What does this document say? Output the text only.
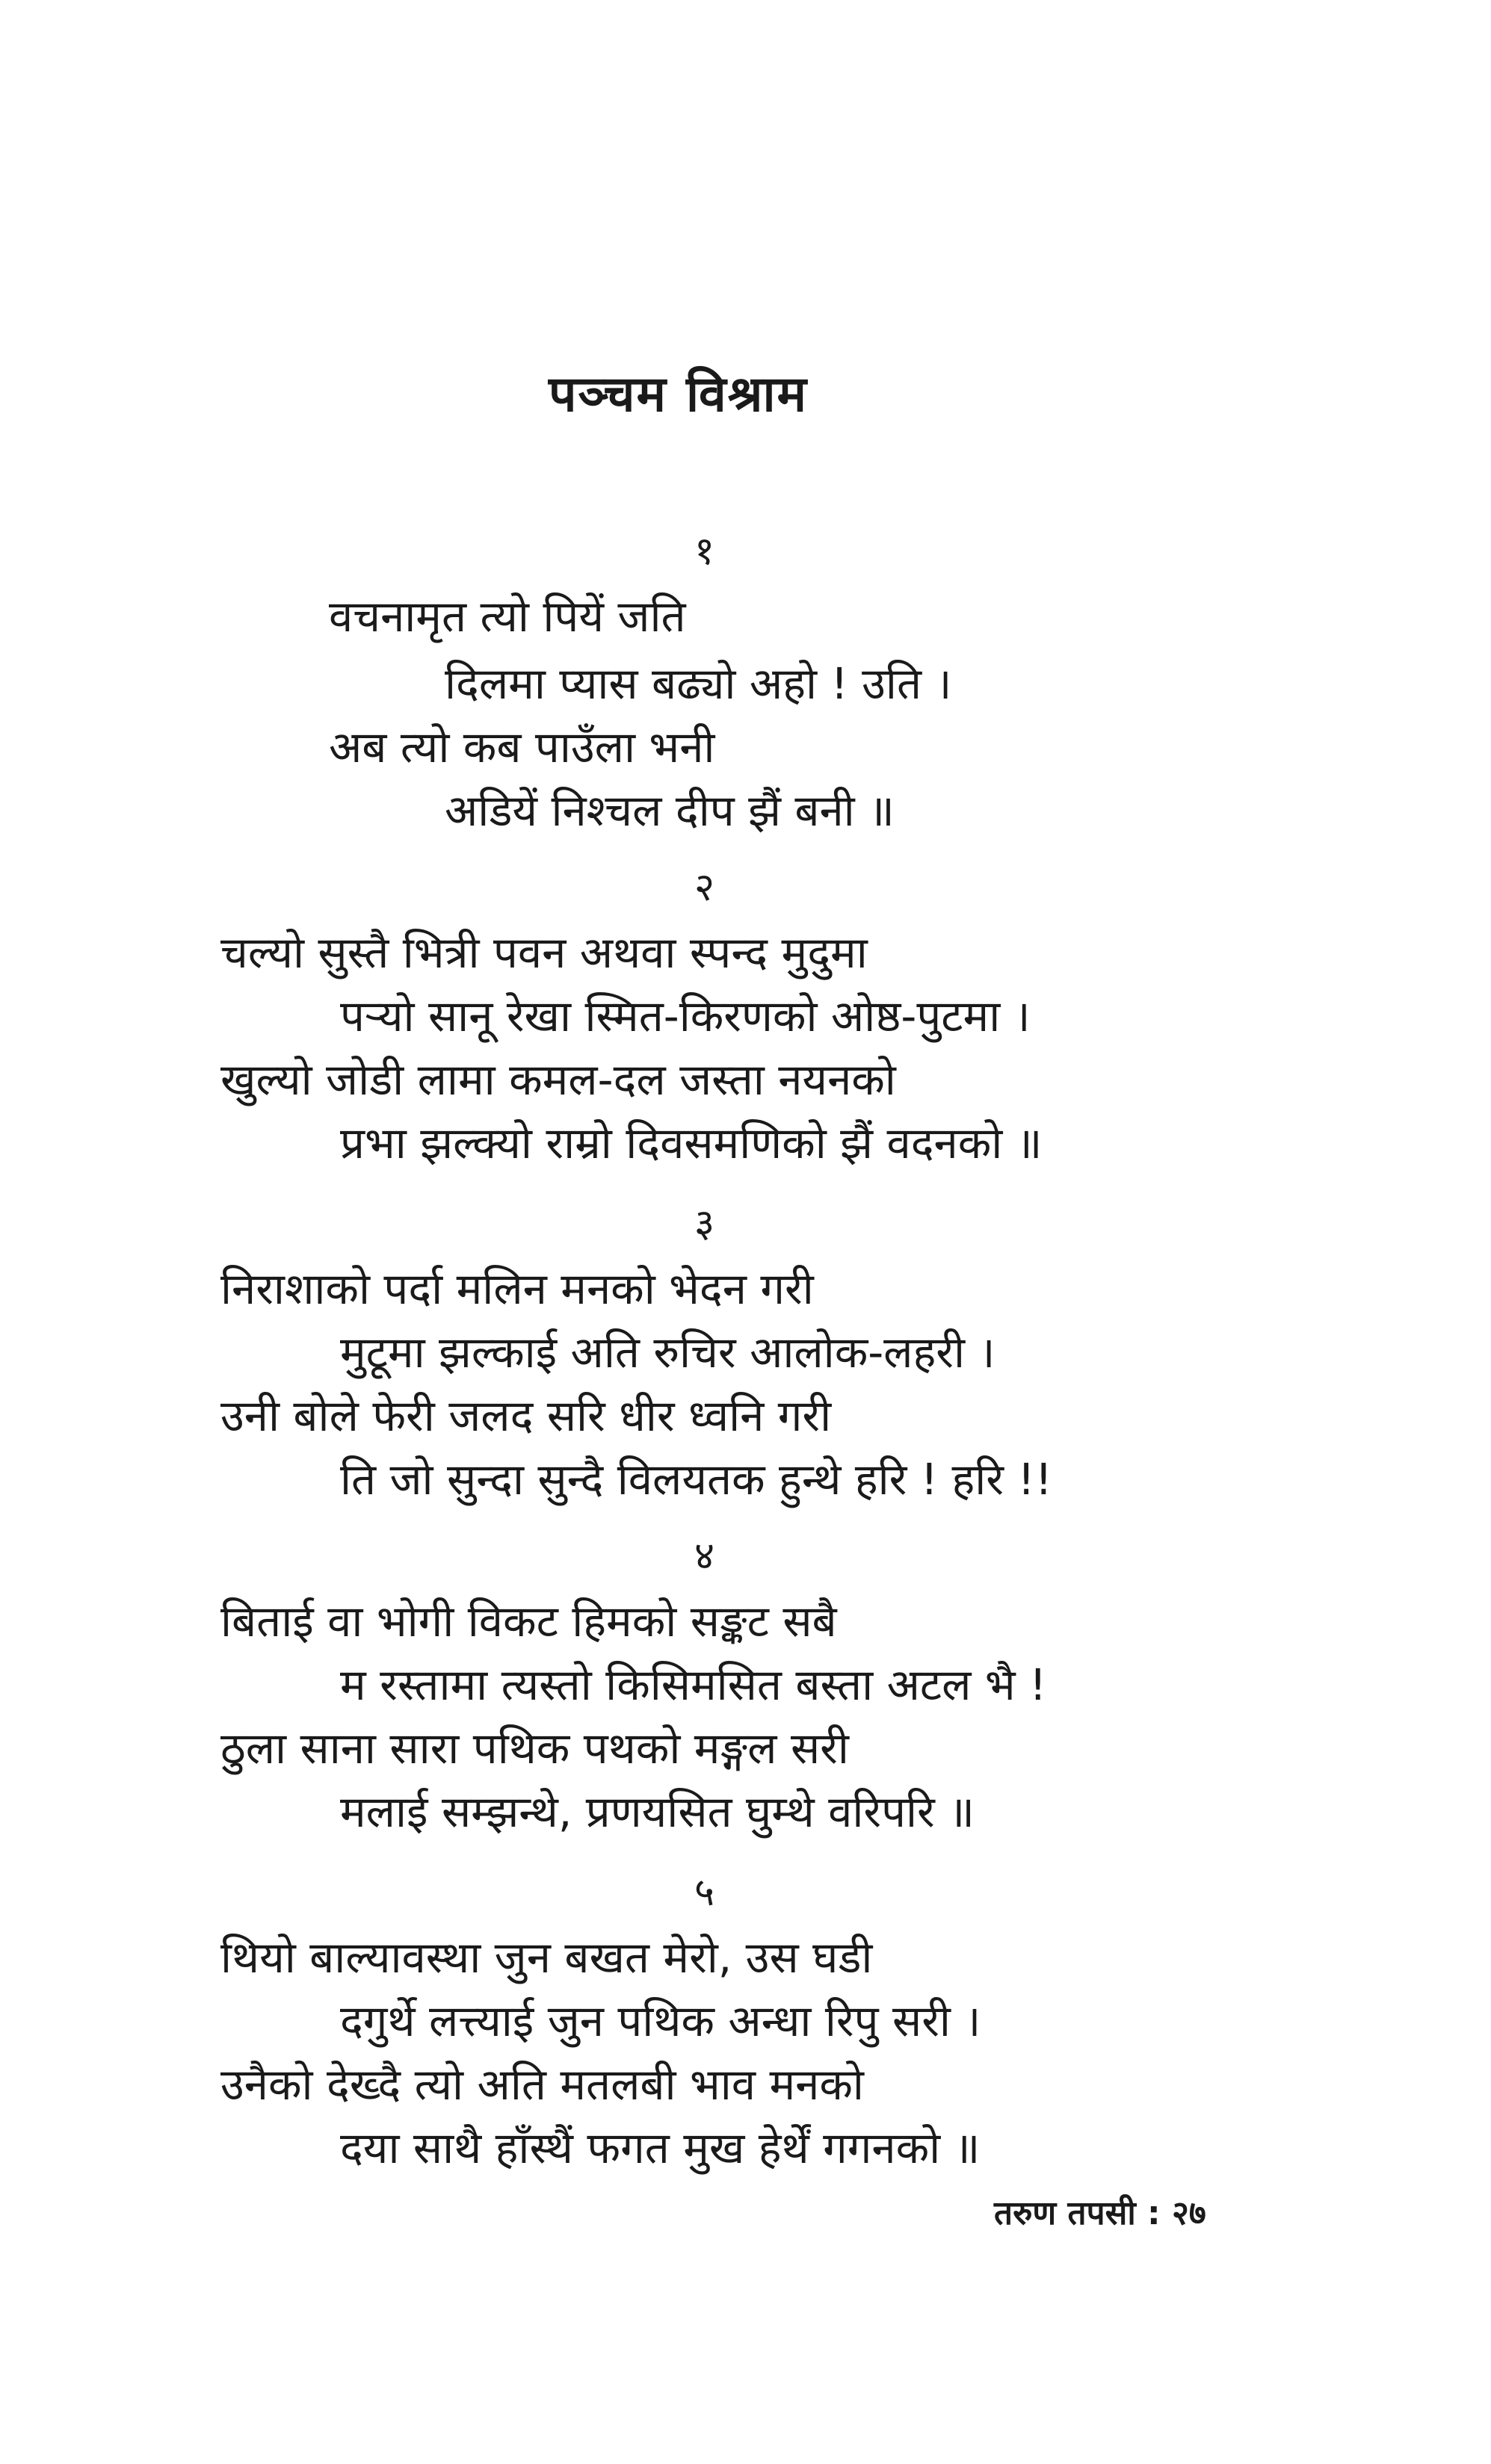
पञ्चम विश्राम
१
वचनामृत त्यो पियें जति
दिलमा प्यास बढ्यो अहो ! उति ।
अब त्यो कब पाउँला भनी
अडियें निश्चल दीप झैं बनी ॥
२
चल्यो सुस्तै भित्री पवन अथवा स्पन्द मुदुमा
पर्‍यो सानू रेखा स्मित-किरणको ओष्ठ-पुटमा ।
खुल्यो जोडी लामा कमल-दल जस्ता नयनको
प्रभा झल्क्यो राम्रो दिवसमणिको झैं वदनको ॥
३
निराशाको पर्दा मलिन मनको भेदन गरी
मुटूमा झल्काई अति रुचिर आलोक-लहरी ।
उनी बोले फेरी जलद सरि धीर ध्वनि गरी
ति जो सुन्दा सुन्दै विलयतक हुन्थे हरि ! हरि !!
४
बिताई वा भोगी विकट हिमको सङ्कट सबै
म रस्तामा त्यस्तो किसिमसित बस्ता अटल भै !
ठुला साना सारा पथिक पथको मङ्गल सरी
मलाई सम्झन्थे, प्रणयसित घुम्थे वरिपरि ॥
५
थियो बाल्यावस्था जुन बखत मेरो, उस घडी
दगुर्थे लत्त्याई जुन पथिक अन्धा रिपु सरी ।
उनैको देख्दै त्यो अति मतलबी भाव मनको
दया साथै हाँस्थैं फगत मुख हेर्थें गगनको ॥
तरुण तपसी : २७
